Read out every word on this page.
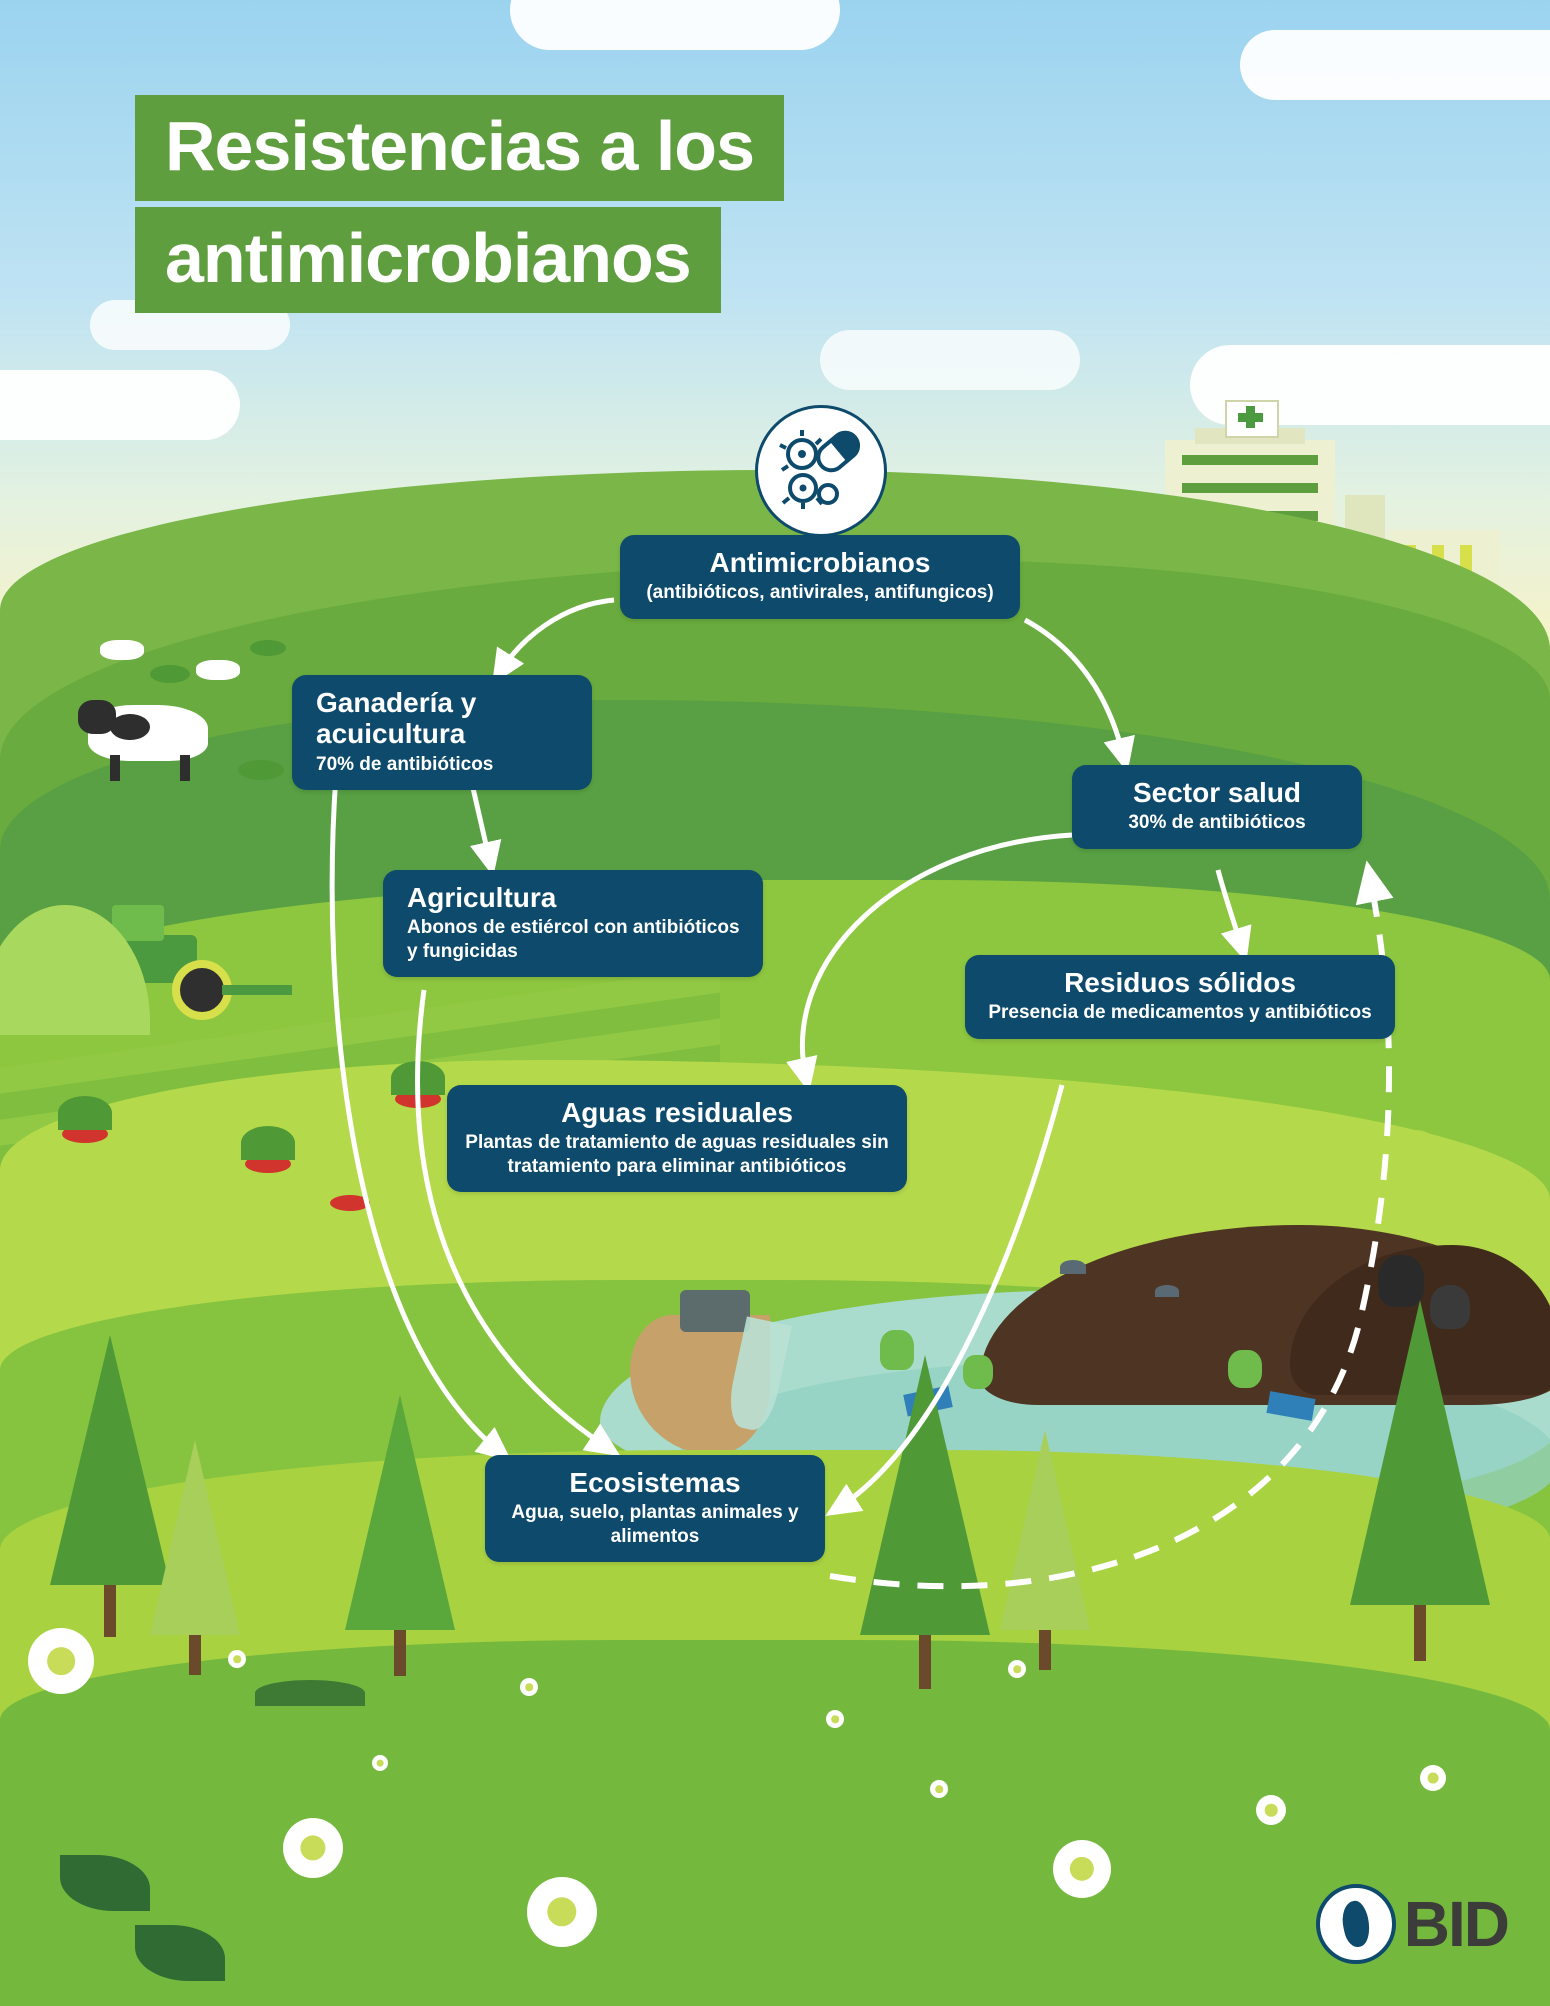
Resistencias a los
antimicrobianos
Antimicrobianos
(antibióticos, antivirales, antifungicos)
Ganadería y acuicultura
70% de antibióticos
Agricultura
Abonos de estiércol con antibióticos y fungicidas
Aguas residuales
Plantas de tratamiento de aguas residuales sin tratamiento para eliminar antibióticos
Sector salud
30% de antibióticos
Residuos sólidos
Presencia de medicamentos y antibióticos
Ecosistemas
Agua, suelo, plantas animales y alimentos
BID
